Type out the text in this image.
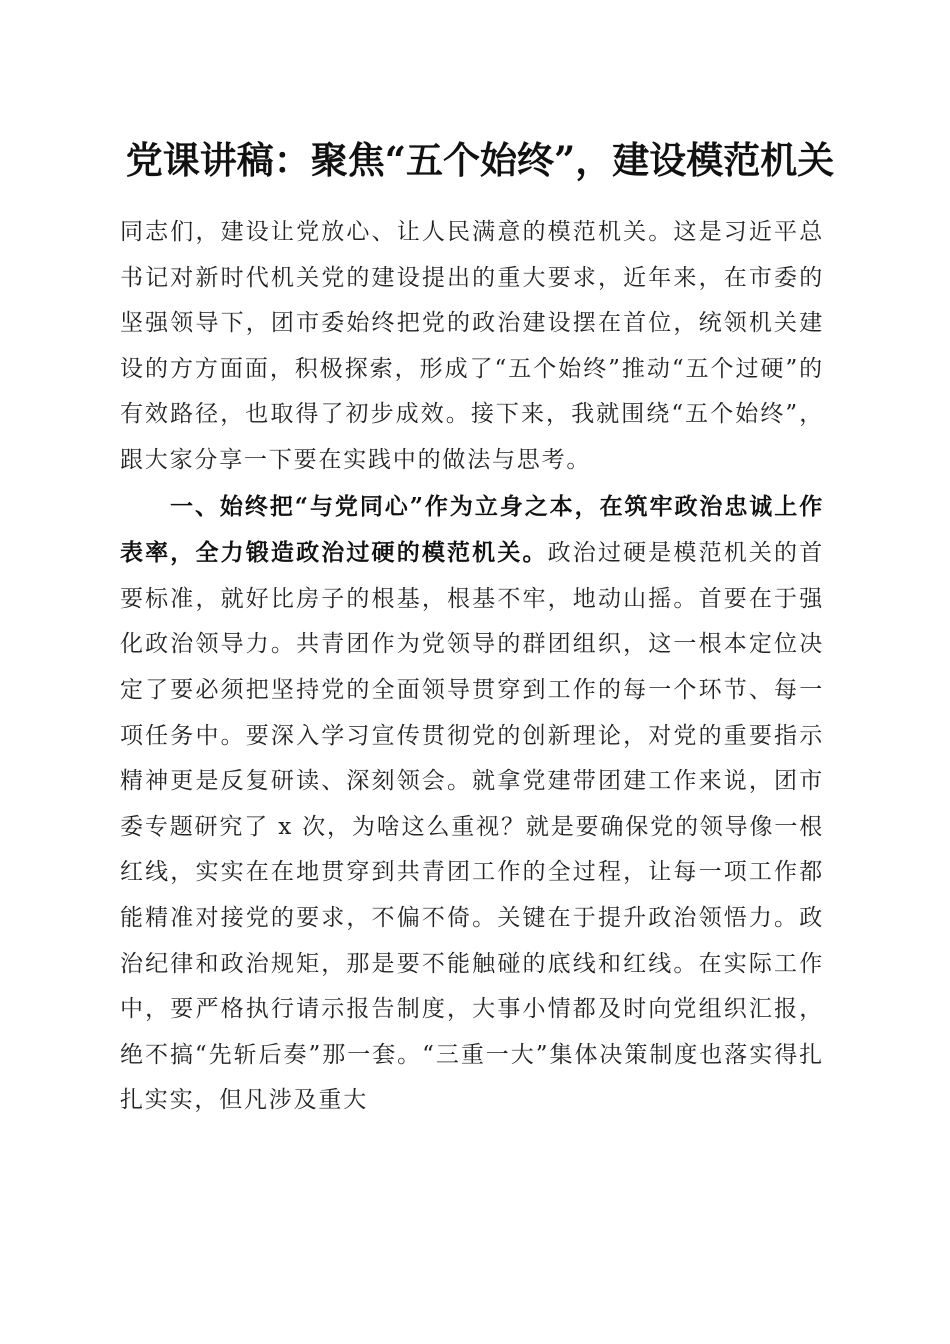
党课讲稿：聚焦“五个始终”，建设模范机关

同志们，建设让党放心、让人民满意的模范机关。这是习近平总书记对新时代机关党的建设提出的重大要求，近年来，在市委的坚强领导下，团市委始终把党的政治建设摆在首位，统领机关建设的方方面面，积极探索，形成了“五个始终”推动“五个过硬”的有效路径，也取得了初步成效。接下来，我就围绕“五个始终”，跟大家分享一下要在实践中的做法与思考。

一、始终把“与党同心”作为立身之本，在筑牢政治忠诚上作表率，全力锻造政治过硬的模范机关。政治过硬是模范机关的首要标准，就好比房子的根基，根基不牢，地动山摇。首要在于强化政治领导力。共青团作为党领导的群团组织，这一根本定位决定了要必须把坚持党的全面领导贯穿到工作的每一个环节、每一项任务中。要深入学习宣传贯彻党的创新理论，对党的重要指示精神更是反复研读、深刻领会。就拿党建带团建工作来说，团市委专题研究了 x 次，为啥这么重视？就是要确保党的领导像一根红线，实实在在地贯穿到共青团工作的全过程，让每一项工作都能精准对接党的要求，不偏不倚。关键在于提升政治领悟力。政治纪律和政治规矩，那是要不能触碰的底线和红线。在实际工作中，要严格执行请示报告制度，大事小情都及时向党组织汇报，绝不搞“先斩后奏”那一套。“三重一大”集体决策制度也落实得扎扎实实，但凡涉及重大
